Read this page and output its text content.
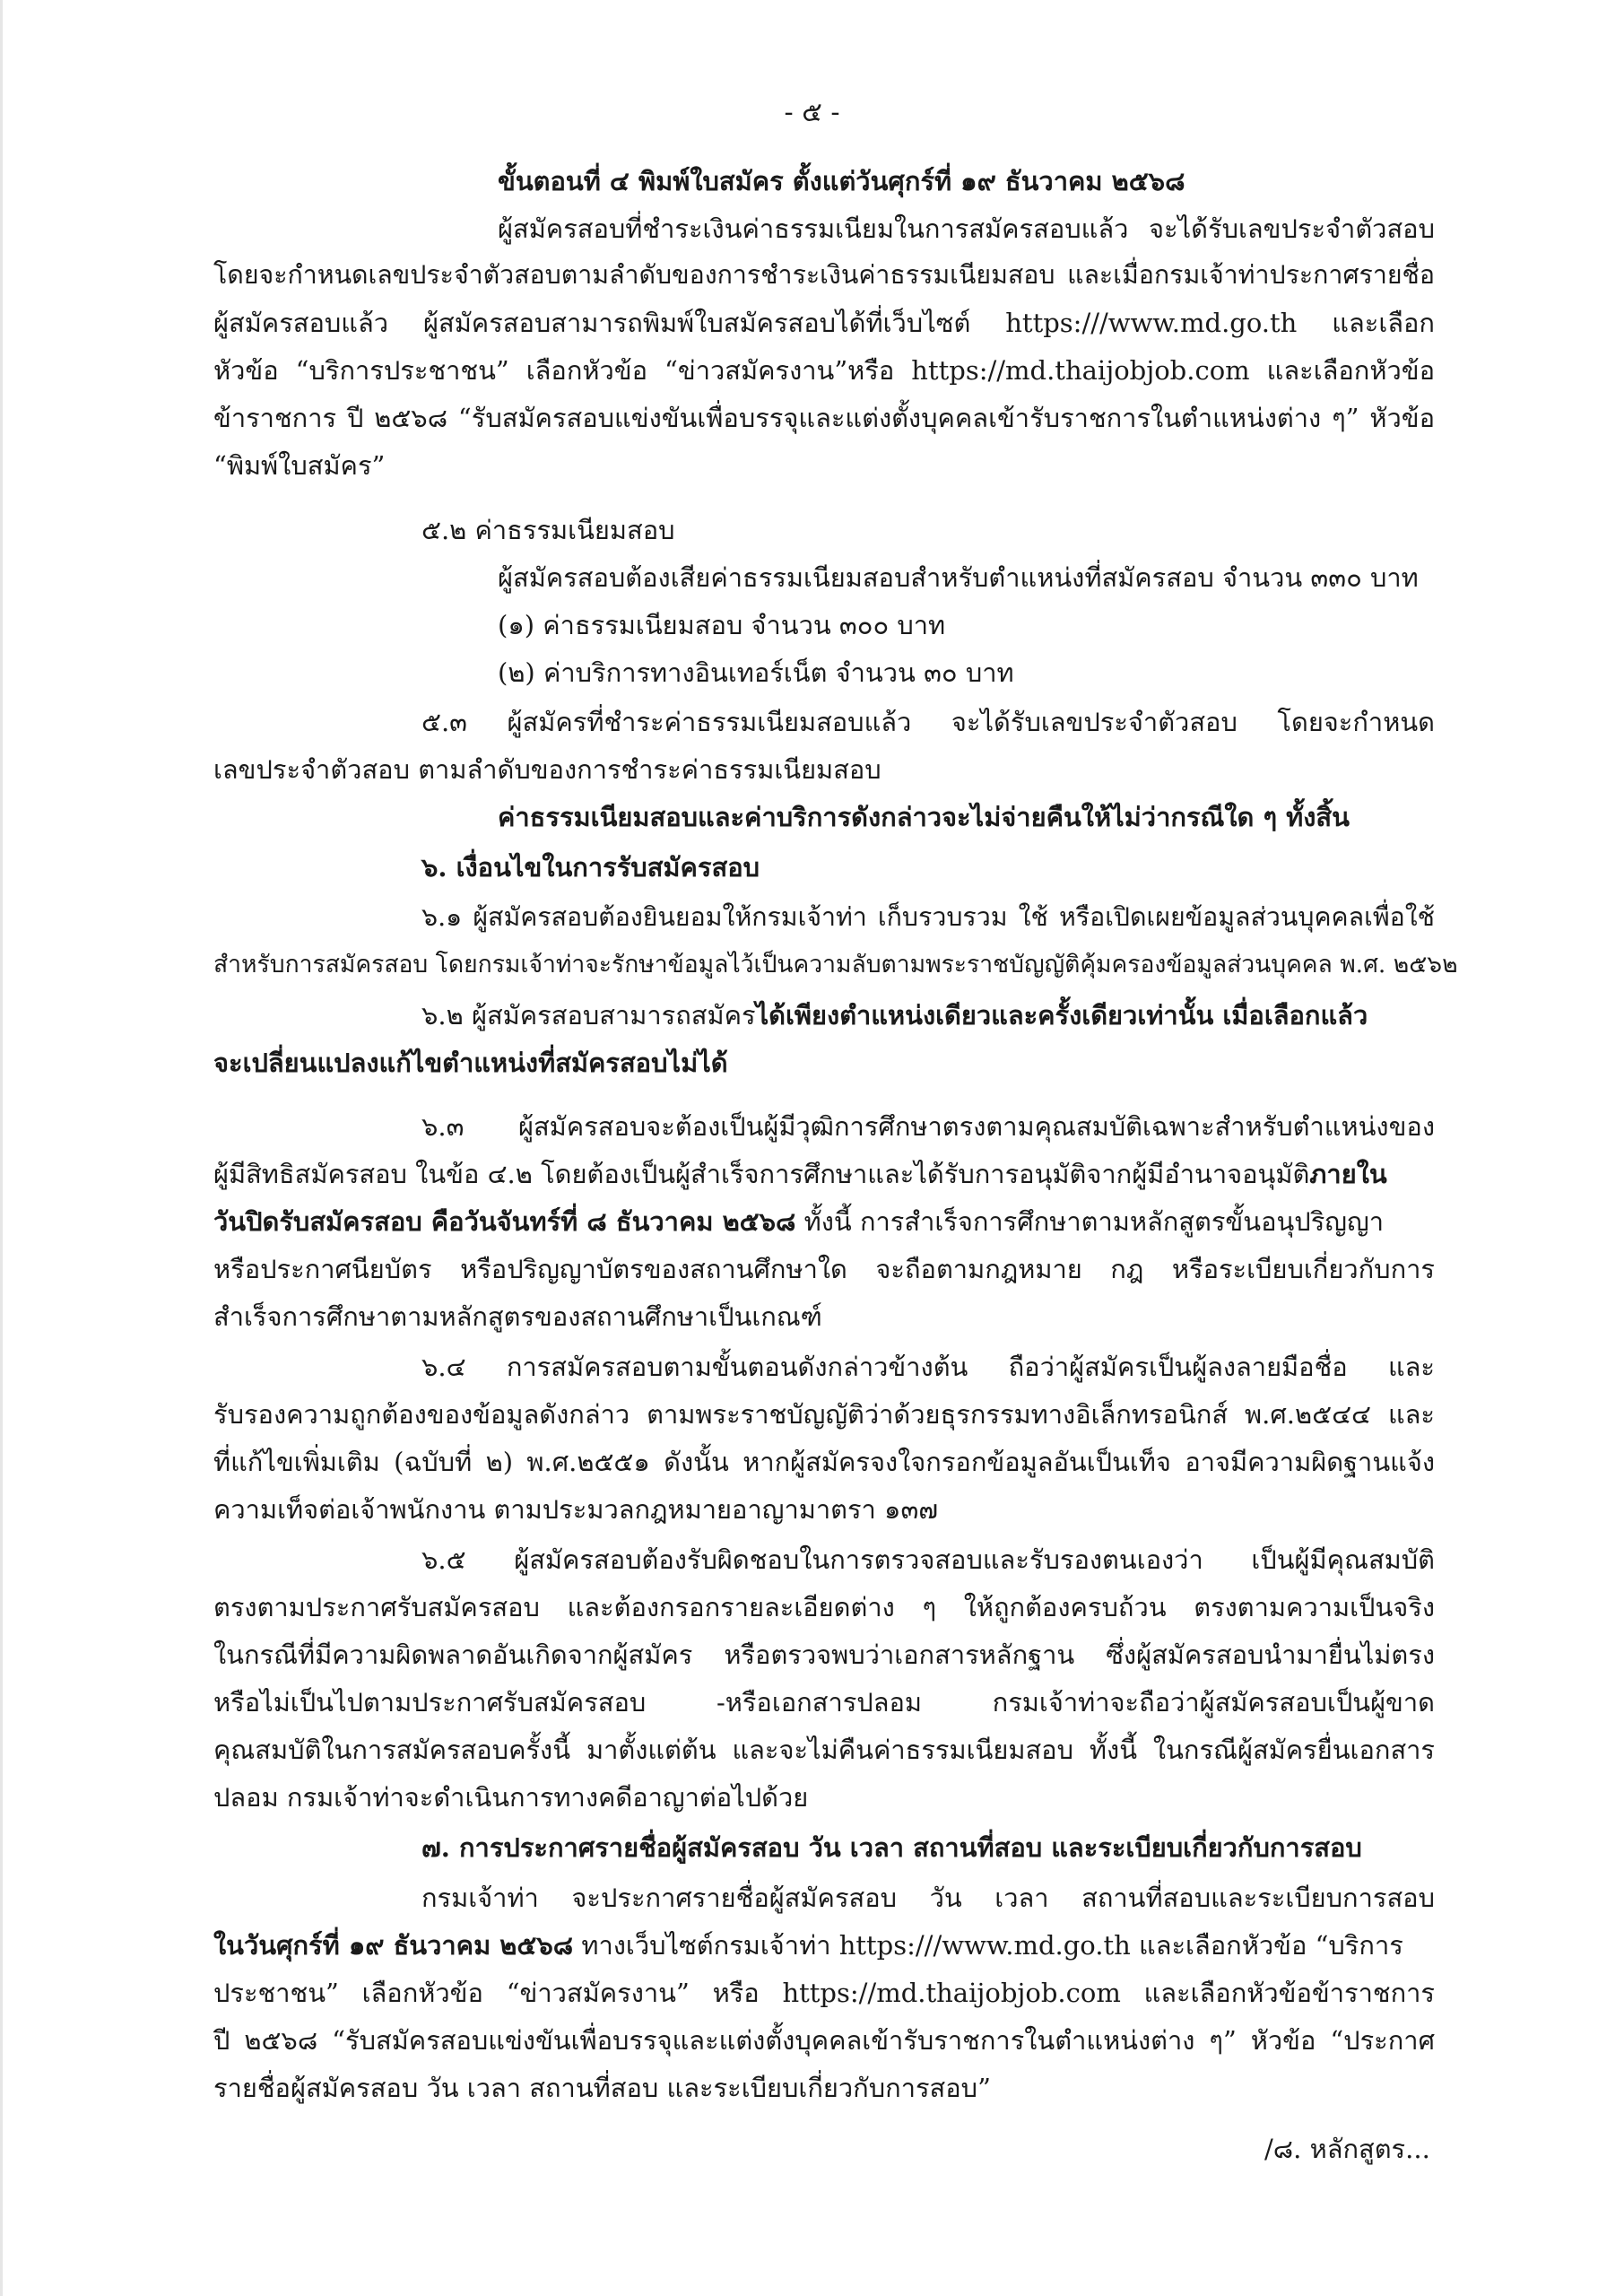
- ๕ -
ขั้นตอนที่ ๔ พิมพ์ใบสมัคร ตั้งแต่วันศุกร์ที่ ๑๙ ธันวาคม ๒๕๖๘
ผู้สมัครสอบที่ชำระเงินค่าธรรมเนียมในการสมัครสอบแล้ว จะได้รับเลขประจำตัวสอบ
โดยจะกำหนดเลขประจำตัวสอบตามลำดับของการชำระเงินค่าธรรมเนียมสอบ และเมื่อกรมเจ้าท่าประกาศรายชื่อ
ผู้สมัครสอบแล้ว ผู้สมัครสอบสามารถพิมพ์ใบสมัครสอบได้ที่เว็บไซต์ https:///www.md.go.th และเลือก
หัวข้อ “บริการประชาชน” เลือกหัวข้อ “ข่าวสมัครงาน”หรือ https://md.thaijobjob.com และเลือกหัวข้อ
ข้าราชการ ปี ๒๕๖๘ “รับสมัครสอบแข่งขันเพื่อบรรจุและแต่งตั้งบุคคลเข้ารับราชการในตำแหน่งต่าง ๆ” หัวข้อ
“พิมพ์ใบสมัคร”
๕.๒ ค่าธรรมเนียมสอบ
ผู้สมัครสอบต้องเสียค่าธรรมเนียมสอบสำหรับตำแหน่งที่สมัครสอบ จำนวน ๓๓๐ บาท
(๑) ค่าธรรมเนียมสอบ จำนวน ๓๐๐ บาท
(๒) ค่าบริการทางอินเทอร์เน็ต จำนวน ๓๐ บาท
๕.๓ ผู้สมัครที่ชำระค่าธรรมเนียมสอบแล้ว จะได้รับเลขประจำตัวสอบ โดยจะกำหนด
เลขประจำตัวสอบ ตามลำดับของการชำระค่าธรรมเนียมสอบ
ค่าธรรมเนียมสอบและค่าบริการดังกล่าวจะไม่จ่ายคืนให้ไม่ว่ากรณีใด ๆ ทั้งสิ้น
๖. เงื่อนไขในการรับสมัครสอบ
๖.๑ ผู้สมัครสอบต้องยินยอมให้กรมเจ้าท่า เก็บรวบรวม ใช้ หรือเปิดเผยข้อมูลส่วนบุคคลเพื่อใช้
สำหรับการสมัครสอบ โดยกรมเจ้าท่าจะรักษาข้อมูลไว้เป็นความลับตามพระราชบัญญัติคุ้มครองข้อมูลส่วนบุคคล พ.ศ. ๒๕๖๒
๖.๒ ผู้สมัครสอบสามารถสมัครได้เพียงตำแหน่งเดียวและครั้งเดียวเท่านั้น เมื่อเลือกแล้ว
จะเปลี่ยนแปลงแก้ไขตำแหน่งที่สมัครสอบไม่ได้
๖.๓ ผู้สมัครสอบจะต้องเป็นผู้มีวุฒิการศึกษาตรงตามคุณสมบัติเฉพาะสำหรับตำแหน่งของ
ผู้มีสิทธิสมัครสอบ ในข้อ ๔.๒ โดยต้องเป็นผู้สำเร็จการศึกษาและได้รับการอนุมัติจากผู้มีอำนาจอนุมัติภายใน
วันปิดรับสมัครสอบ คือวันจันทร์ที่ ๘ ธันวาคม ๒๕๖๘ ทั้งนี้ การสำเร็จการศึกษาตามหลักสูตรขั้นอนุปริญญา
หรือประกาศนียบัตร หรือปริญญาบัตรของสถานศึกษาใด จะถือตามกฎหมาย กฎ หรือระเบียบเกี่ยวกับการ
สำเร็จการศึกษาตามหลักสูตรของสถานศึกษาเป็นเกณฑ์
๖.๔ การสมัครสอบตามขั้นตอนดังกล่าวข้างต้น ถือว่าผู้สมัครเป็นผู้ลงลายมือชื่อ และ
รับรองความถูกต้องของข้อมูลดังกล่าว ตามพระราชบัญญัติว่าด้วยธุรกรรมทางอิเล็กทรอนิกส์ พ.ศ.๒๕๔๔ และ
ที่แก้ไขเพิ่มเติม (ฉบับที่ ๒) พ.ศ.๒๕๕๑ ดังนั้น หากผู้สมัครจงใจกรอกข้อมูลอันเป็นเท็จ อาจมีความผิดฐานแจ้ง
ความเท็จต่อเจ้าพนักงาน ตามประมวลกฎหมายอาญามาตรา ๑๓๗
๖.๕ ผู้สมัครสอบต้องรับผิดชอบในการตรวจสอบและรับรองตนเองว่า เป็นผู้มีคุณสมบัติ
ตรงตามประกาศรับสมัครสอบ และต้องกรอกรายละเอียดต่าง ๆ ให้ถูกต้องครบถ้วน ตรงตามความเป็นจริง
ในกรณีที่มีความผิดพลาดอันเกิดจากผู้สมัคร หรือตรวจพบว่าเอกสารหลักฐาน ซึ่งผู้สมัครสอบนำมายื่นไม่ตรง
หรือไม่เป็นไปตามประกาศรับสมัครสอบ -หรือเอกสารปลอม กรมเจ้าท่าจะถือว่าผู้สมัครสอบเป็นผู้ขาด
คุณสมบัติในการสมัครสอบครั้งนี้ มาตั้งแต่ต้น และจะไม่คืนค่าธรรมเนียมสอบ ทั้งนี้ ในกรณีผู้สมัครยื่นเอกสาร
ปลอม กรมเจ้าท่าจะดำเนินการทางคดีอาญาต่อไปด้วย
๗. การประกาศรายชื่อผู้สมัครสอบ วัน เวลา สถานที่สอบ และระเบียบเกี่ยวกับการสอบ
กรมเจ้าท่า จะประกาศรายชื่อผู้สมัครสอบ วัน เวลา สถานที่สอบและระเบียบการสอบ
ในวันศุกร์ที่ ๑๙ ธันวาคม ๒๕๖๘ ทางเว็บไซต์กรมเจ้าท่า https:///www.md.go.th และเลือกหัวข้อ “บริการ
ประชาชน” เลือกหัวข้อ “ข่าวสมัครงาน” หรือ https://md.thaijobjob.com และเลือกหัวข้อข้าราชการ
ปี ๒๕๖๘ “รับสมัครสอบแข่งขันเพื่อบรรจุและแต่งตั้งบุคคลเข้ารับราชการในตำแหน่งต่าง ๆ” หัวข้อ “ประกาศ
รายชื่อผู้สมัครสอบ วัน เวลา สถานที่สอบ และระเบียบเกี่ยวกับการสอบ”
/๘. หลักสูตร...
